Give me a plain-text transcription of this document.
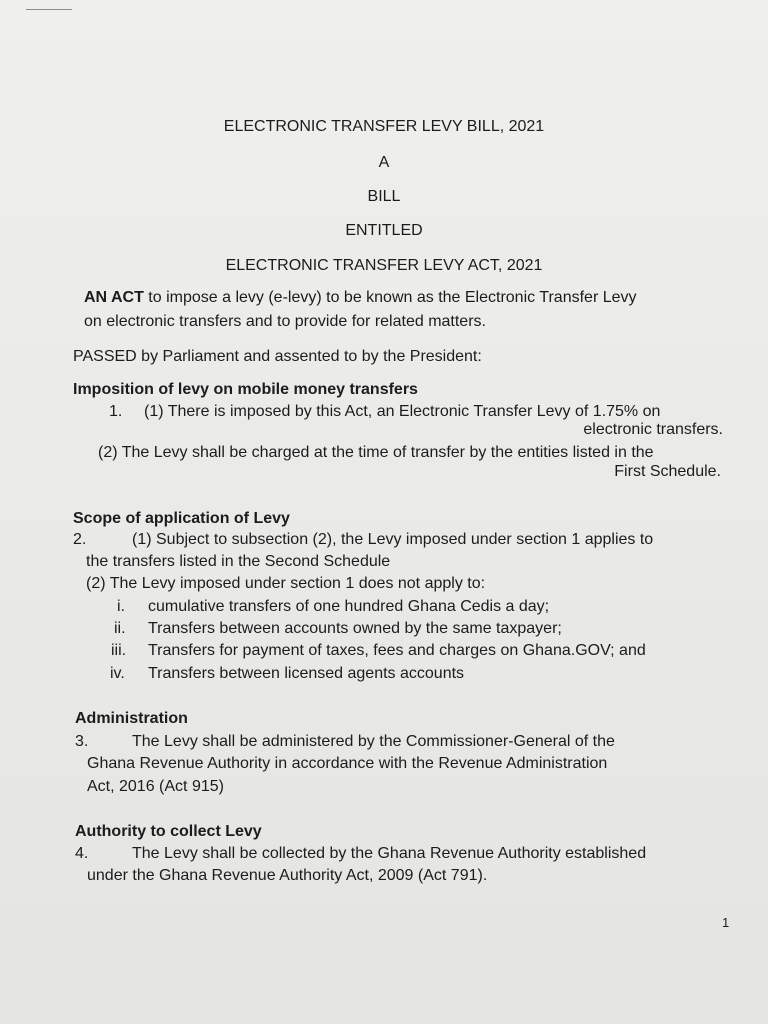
ELECTRONIC TRANSFER LEVY BILL, 2021
A
BILL
ENTITLED
ELECTRONIC TRANSFER LEVY ACT, 2021
AN ACT to impose a levy (e-levy) to be known as the Electronic Transfer Levy
on electronic transfers and to provide for related matters.
PASSED by Parliament and assented to by the President:
Imposition of levy on mobile money transfers
1. (1) There is imposed by this Act, an Electronic Transfer Levy of 1.75% on
electronic transfers.
(2) The Levy shall be charged at the time of transfer by the entities listed in the
First Schedule.
Scope of application of Levy
2.	(1) Subject to subsection (2), the Levy imposed under section 1 applies to
the transfers listed in the Second Schedule
(2) The Levy imposed under section 1 does not apply to:
i. cumulative transfers of one hundred Ghana Cedis a day;
ii. Transfers between accounts owned by the same taxpayer;
iii. Transfers for payment of taxes, fees and charges on Ghana.GOV; and
iv. Transfers between licensed agents accounts
Administration
3.	The Levy shall be administered by the Commissioner-General of the
Ghana Revenue Authority in accordance with the Revenue Administration
Act, 2016 (Act 915)
Authority to collect Levy
4.	The Levy shall be collected by the Ghana Revenue Authority established
under the Ghana Revenue Authority Act, 2009 (Act 791).
1
